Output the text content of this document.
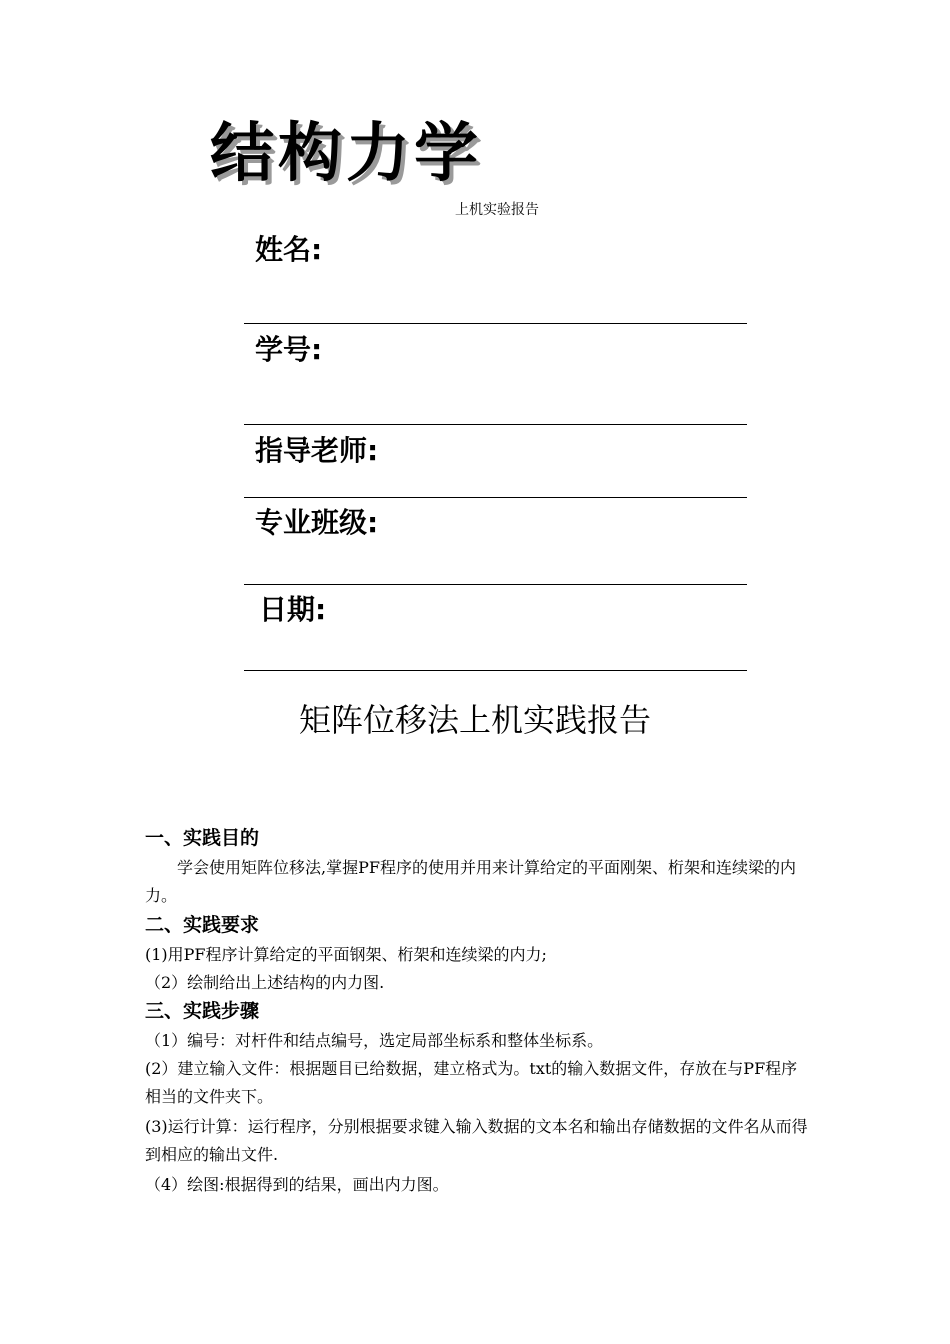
结构力学
上机实验报告
姓名:
学号:
指导老师:
专业班级:
日期:
矩阵位移法上机实践报告
一、实践目的
学会使用矩阵位移法,掌握PF程序的使用并用来计算给定的平面刚架、桁架和连续梁的内力。
二、实践要求
(1)用PF程序计算给定的平面钢架、桁架和连续梁的内力;
（2）绘制给出上述结构的内力图.
三、实践步骤
（1）编号：对杆件和结点编号，选定局部坐标系和整体坐标系。
(2）建立输入文件：根据题目已给数据，建立格式为。txt的输入数据文件，存放在与PF程序相当的文件夹下。
(3)运行计算：运行程序，分别根据要求键入输入数据的文本名和输出存储数据的文件名从而得到相应的输出文件.
（4）绘图:根据得到的结果，画出内力图。
